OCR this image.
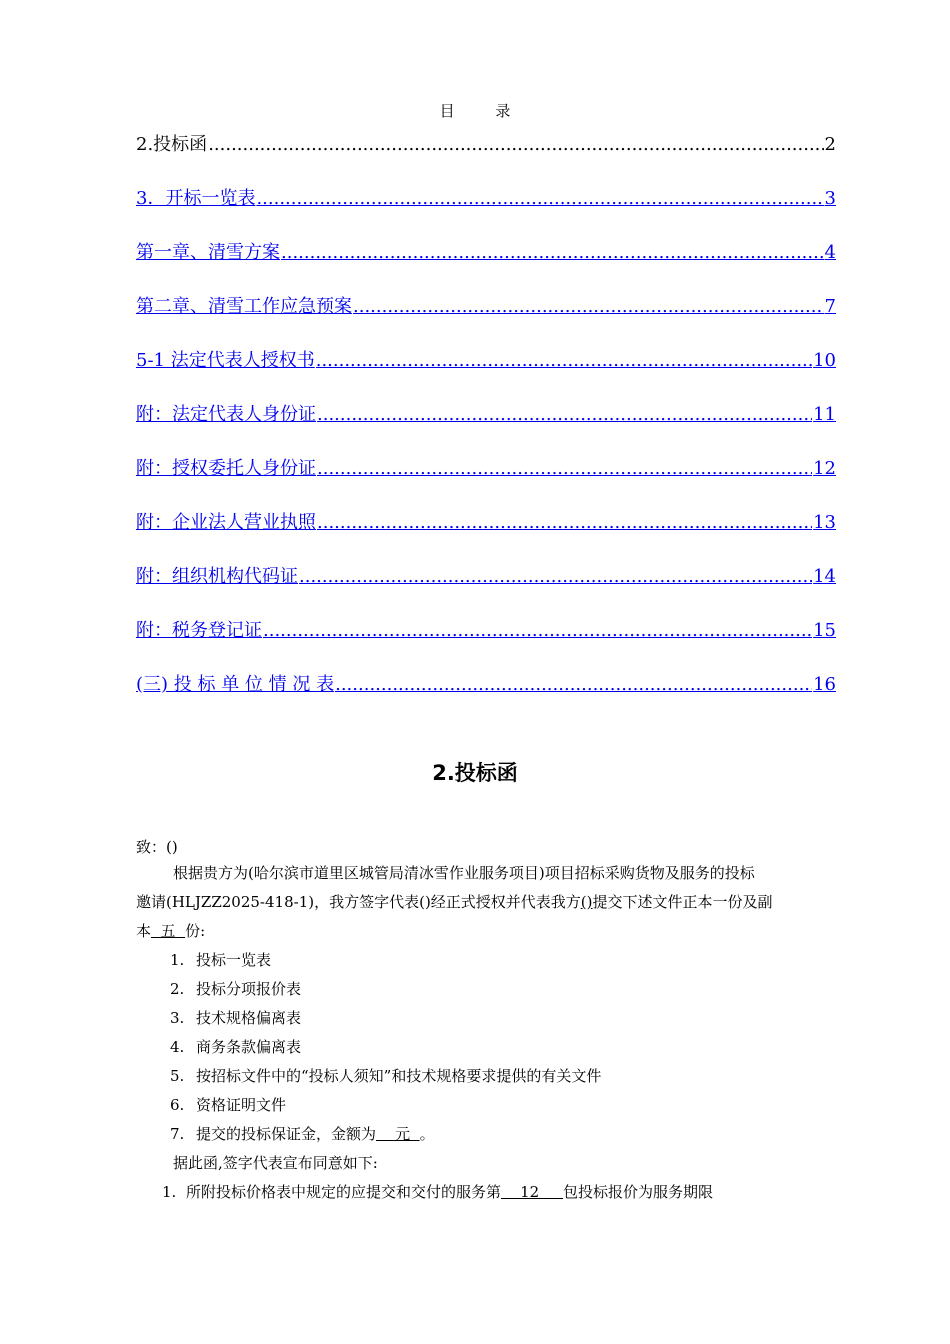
目 录
2.投标函 .....	2
3．开标一览表 .....	3
第一章、清雪方案 .....	4
第二章、清雪工作应急预案 .....	7
5-1 法定代表人授权书 .....	10
附：法定代表人身份证 .....	11
附：授权委托人身份证 .....	12
附：企业法人营业执照 .....	13
附：组织机构代码证 .....	14
附：税务登记证 .....	15
(三) 投 标 单 位 情 况 表 .....	16
2.投标函
致：()
根据贵方为(哈尔滨市道里区城管局清冰雪作业服务项目)项目招标采购货物及服务的投标
邀请(HLJZZ2025-418-1)，我方签字代表()经正式授权并代表我方()提交下述文件正本一份及副
本  五  份:
1. 投标一览表
2. 投标分项报价表
3. 技术规格偏离表
4. 商务条款偏离表
5. 按招标文件中的“投标人须知”和技术规格要求提供的有关文件
6. 资格证明文件
7. 提交的投标保证金，金额为    元  。
据此函,签字代表宣布同意如下:
1. 所附投标价格表中规定的应提交和交付的服务第    12     包投标报价为服务期限
